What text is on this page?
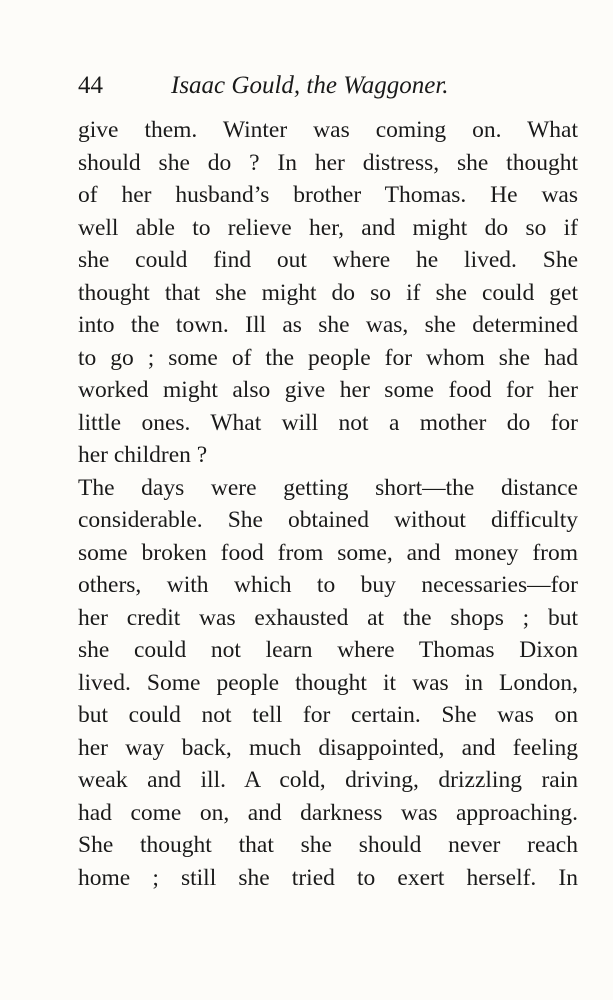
44	Isaac Gould, the Waggoner.
give them. Winter was coming on. What
should she do ? In her distress, she thought
of her husband’s brother Thomas. He was
well able to relieve her, and might do so if
she could find out where he lived. She
thought that she might do so if she could get
into the town. Ill as she was, she determined
to go ; some of the people for whom she had
worked might also give her some food for her
little ones. What will not a mother do for
her children ?
The days were getting short—the distance
considerable. She obtained without difficulty
some broken food from some, and money from
others, with which to buy necessaries—for
her credit was exhausted at the shops ; but
she could not learn where Thomas Dixon
lived. Some people thought it was in London,
but could not tell for certain. She was on
her way back, much disappointed, and feeling
weak and ill. A cold, driving, drizzling rain
had come on, and darkness was approaching.
She thought that she should never reach
home ; still she tried to exert herself. In
